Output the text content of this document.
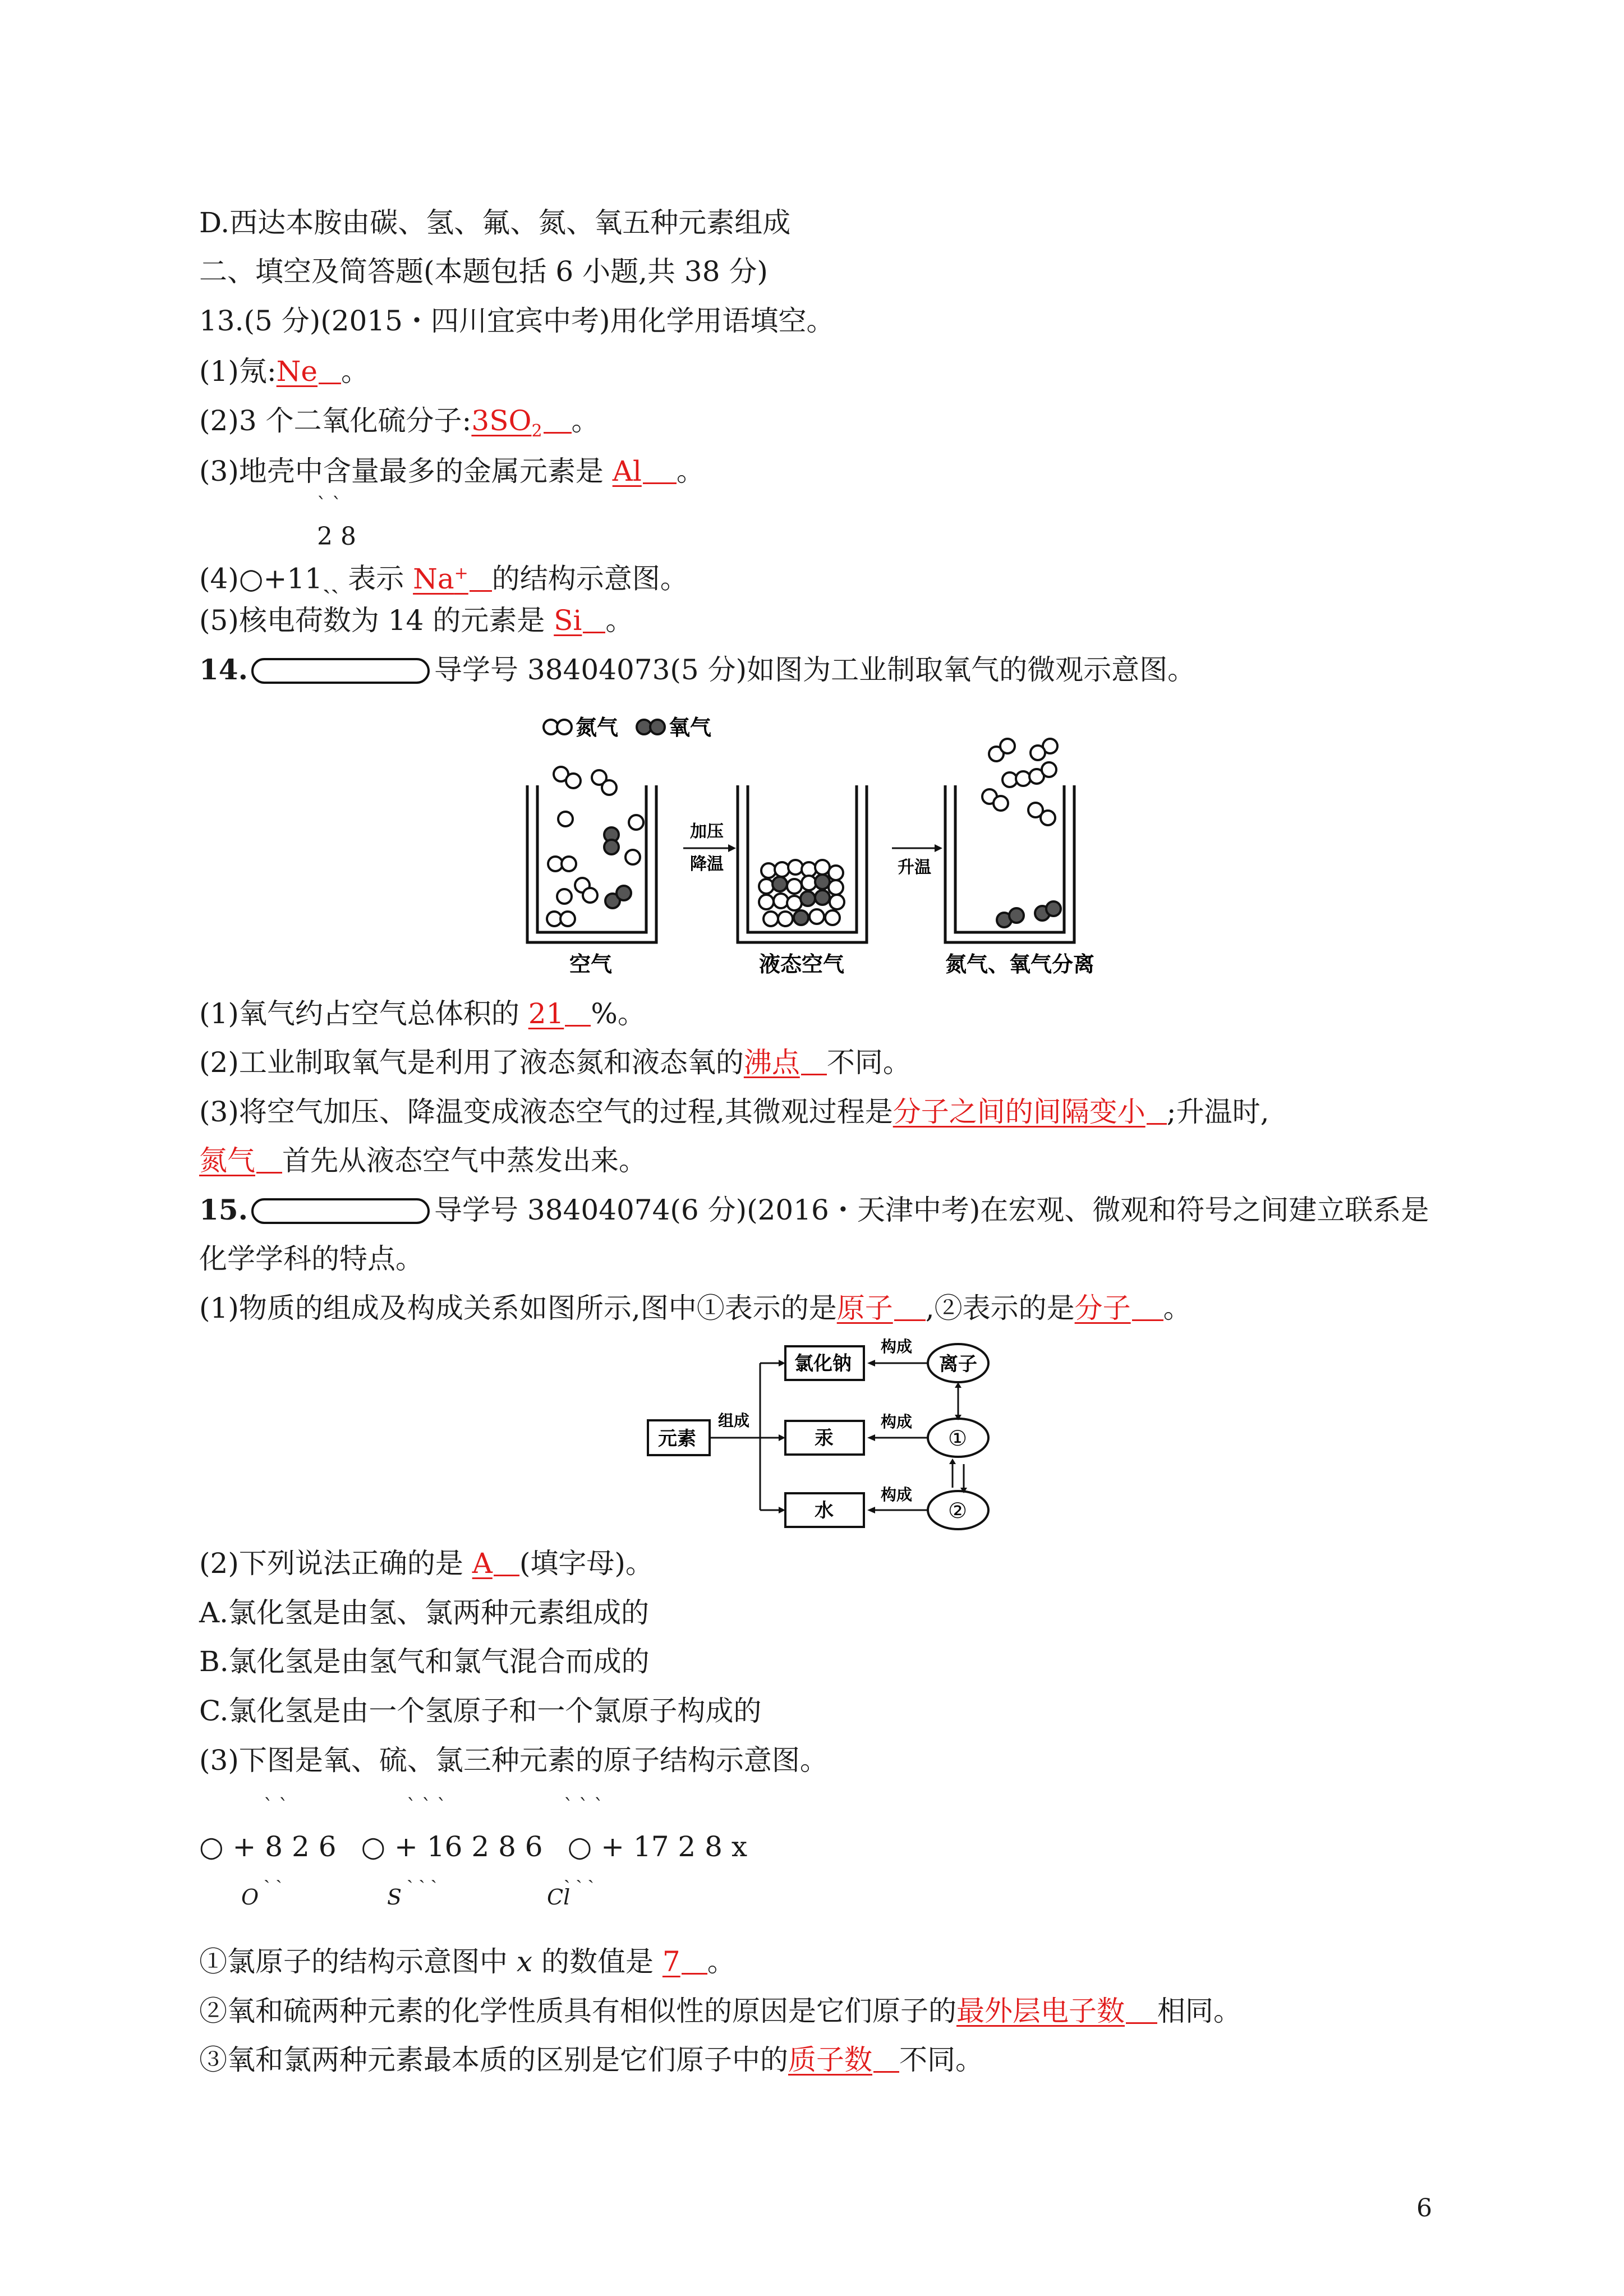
D.西达本胺由碳、氢、氟、氮、氧五种元素组成
二、填空及简答题(本题包括 6 小题,共 38 分)
13.(5 分)(2015・四川宜宾中考)用化学用语填空。
(1)氖:Ne 。
(2)3 个二氧化硫分子$:3SO_2$ 。
(3)地壳中含量最多的金属元素是 Al 。
ˋˋ
2 8
(4)○+11ˏˏ 表示 Na+ 的结构示意图。
(5)核电荷数为 14 的元素是 Si 。
14.	导学号 38404073(5 分)如图为工业制取氧气的微观示意图。
氮气 氧气
加压
降温	升温
空气	液态空气	氮气、氧气分离
(1)氧气约占空气总体积的 21 %。
(2)工业制取氧气是利用了液态氮和液态氧的沸点 不同。
(3)将空气加压、降温变成液态空气的过程,其微观过程是分子之间的间隔变小 ;升温时,
氮气 首先从液态空气中蒸发出来。
15.	导学号 38404074(6 分)(2016・天津中考)在宏观、微观和符号之间建立联系是
化学学科的特点。
(1)物质的组成及构成关系如图所示,图中①表示的是原子 ,②表示的是分子 。
元素
组成
氯化钠
汞
水
构成
构成
构成
离子
①
②
(2)下列说法正确的是 A (填字母)。
A.氯化氢是由氢、氯两种元素组成的
B.氯化氢是由氢气和氯气混合而成的
C.氯化氢是由一个氢原子和一个氯原子构成的
(3)下图是氧、硫、氯三种元素的原子结构示意图。
ˋˋ	ˋˋˋ	ˋˋˋ
○ + 8 2 6 ○ + 16 2 8 6 ○ + 17 2 8 x
ˏˏ	ˏˏˏ	ˏˏˏ
O	S	Cl
①氯原子的结构示意图中 x 的数值是 7 。
②氧和硫两种元素的化学性质具有相似性的原因是它们原子的最外层电子数 相同。
③氧和氯两种元素最本质的区别是它们原子中的质子数 不同。
6
